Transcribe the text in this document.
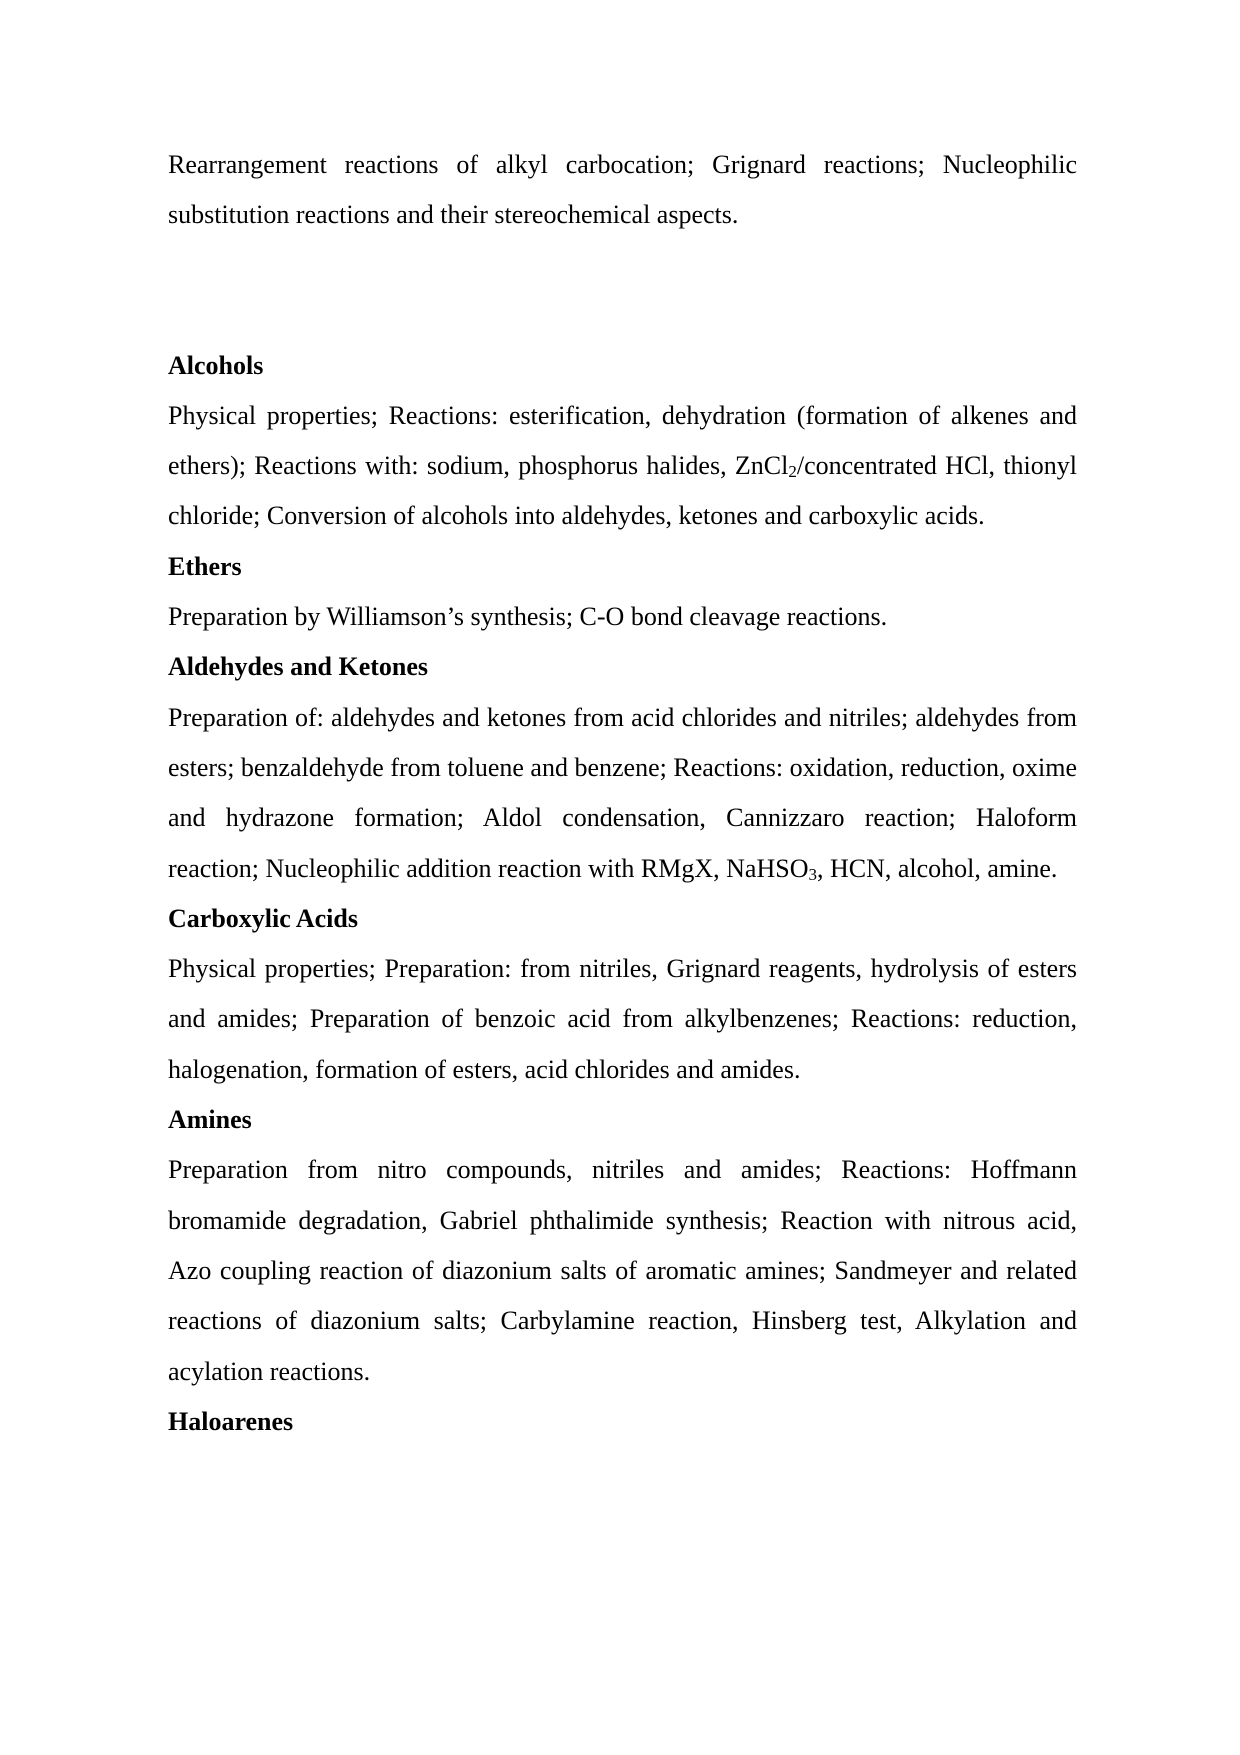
Rearrangement reactions of alkyl carbocation; Grignard reactions; Nucleophilic substitution reactions and their stereochemical aspects.

Alcohols

Physical properties; Reactions: esterification, dehydration (formation of alkenes and ethers); Reactions with: sodium, phosphorus halides, ZnCl$_2$/concentrated HCl, thionyl chloride; Conversion of alcohols into aldehydes, ketones and carboxylic acids.

Ethers

Preparation by Williamson’s synthesis; C-O bond cleavage reactions.

Aldehydes and Ketones

Preparation of: aldehydes and ketones from acid chlorides and nitriles; aldehydes from esters; benzaldehyde from toluene and benzene; Reactions: oxidation, reduction, oxime and hydrazone formation; Aldol condensation, Cannizzaro reaction; Haloform reaction; Nucleophilic addition reaction with RMgX, NaHSO$_3$, HCN, alcohol, amine.

Carboxylic Acids

Physical properties; Preparation: from nitriles, Grignard reagents, hydrolysis of esters and amides; Preparation of benzoic acid from alkylbenzenes; Reactions: reduction, halogenation, formation of esters, acid chlorides and amides.

Amines

Preparation from nitro compounds, nitriles and amides; Reactions: Hoffmann bromamide degradation, Gabriel phthalimide synthesis; Reaction with nitrous acid, Azo coupling reaction of diazonium salts of aromatic amines; Sandmeyer and related reactions of diazonium salts; Carbylamine reaction, Hinsberg test, Alkylation and acylation reactions.

Haloarenes
